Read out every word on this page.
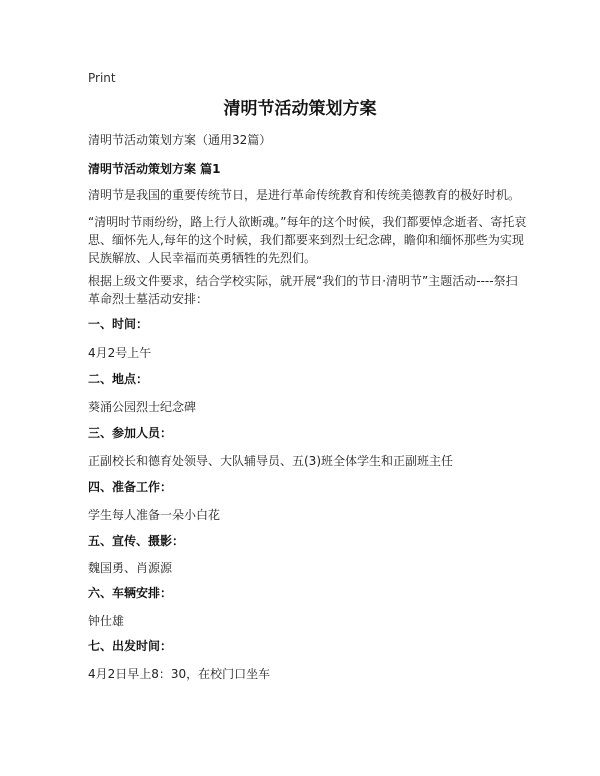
Print
清明节活动策划方案

清明节活动策划方案（通用32篇）

清明节活动策划方案 篇1

清明节是我国的重要传统节日，是进行革命传统教育和传统美德教育的极好时机。

“清明时节雨纷纷，路上行人欲断魂。”每年的这个时候，我们都要悼念逝者、寄托哀思、缅怀先人,每年的这个时候，我们都要来到烈士纪念碑，瞻仰和缅怀那些为实现民族解放、人民幸福而英勇牺牲的先烈们。

根据上级文件要求，结合学校实际，就开展“我们的节日·清明节”主题活动----祭扫革命烈士墓活动安排：

一、时间：

4月2号上午

二、地点：

葵涌公园烈士纪念碑

三、参加人员：

正副校长和德育处领导、大队辅导员、五(3)班全体学生和正副班主任

四、准备工作：

学生每人准备一朵小白花

五、宣传、摄影：

魏国勇、肖源源

六、车辆安排：

钟仕雄

七、出发时间：

4月2日早上8：30，在校门口坐车
